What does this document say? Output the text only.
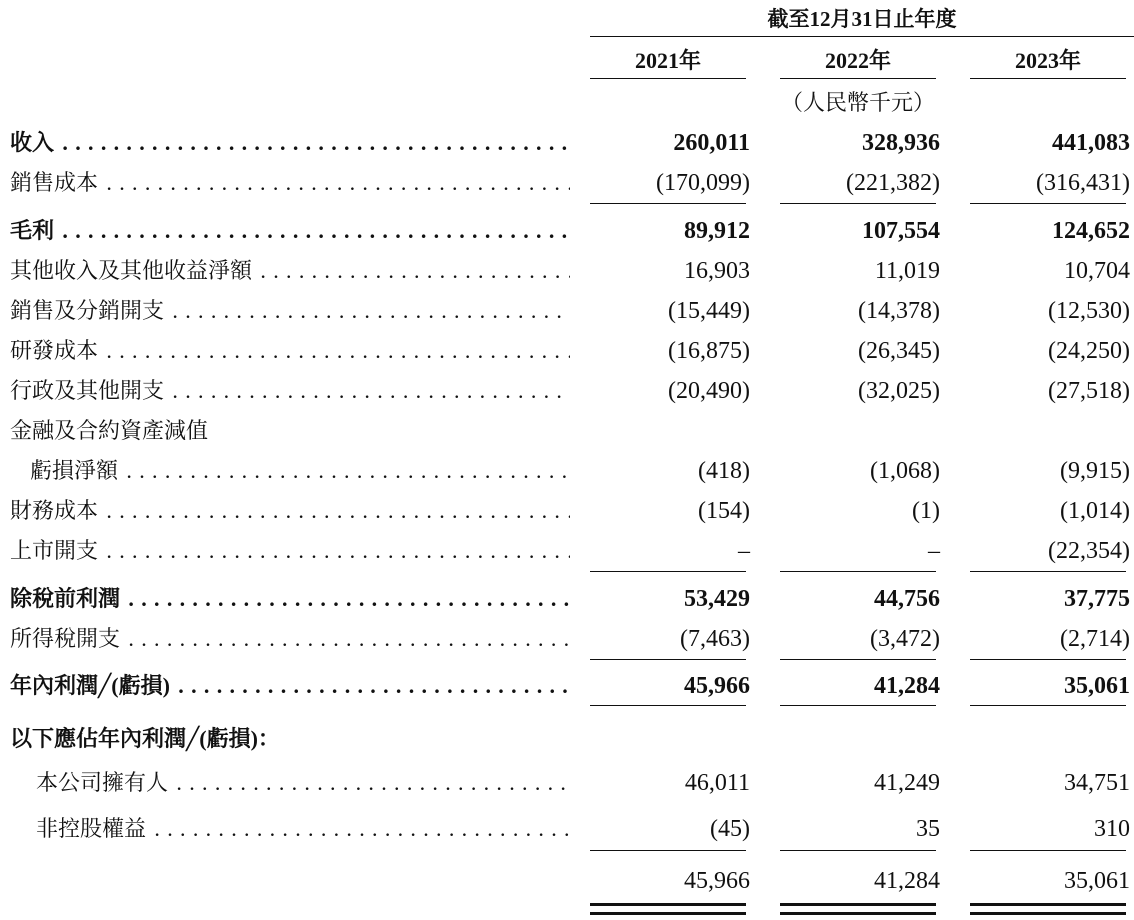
截至12月31日止年度
2021年	2022年	2023年
（人民幣千元）
收入 . . .	260,011	328,936	441,083
銷售成本 . . .	(170,099)	(221,382)	(316,431)
毛利 . . .	89,912	107,554	124,652
其他收入及其他收益淨額 . . .	16,903	11,019	10,704
銷售及分銷開支 . . .	(15,449)	(14,378)	(12,530)
研發成本 . . .	(16,875)	(26,345)	(24,250)
行政及其他開支 . . .	(20,490)	(32,025)	(27,518)
金融及合約資產減值
虧損淨額 . . .	(418)	(1,068)	(9,915)
財務成本 . . .	(154)	(1)	(1,014)
上市開支 . . .	–	–	(22,354)
除稅前利潤 . . .	53,429	44,756	37,775
所得稅開支 . . .	(7,463)	(3,472)	(2,714)
年內利潤╱(虧損) . . .	45,966	41,284	35,061
以下應佔年內利潤╱(虧損)：
本公司擁有人 . . .	46,011	41,249	34,751
非控股權益 . . .	(45)	35	310
45,966	41,284	35,061
